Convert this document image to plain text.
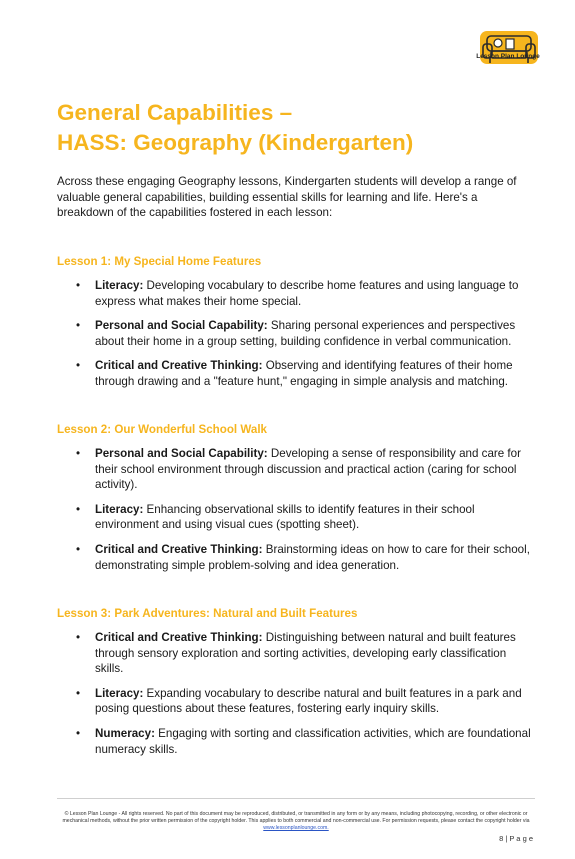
Lesson Plan Lounge
General Capabilities –
HASS: Geography (Kindergarten)
Across these engaging Geography lessons, Kindergarten students will develop a range of valuable general capabilities, building essential skills for learning and life. Here's a breakdown of the capabilities fostered in each lesson:
Lesson 1: My Special Home Features
• Literacy: Developing vocabulary to describe home features and using language to express what makes their home special.
• Personal and Social Capability: Sharing personal experiences and perspectives about their home in a group setting, building confidence in verbal communication.
• Critical and Creative Thinking: Observing and identifying features of their home through drawing and a "feature hunt," engaging in simple analysis and matching.
Lesson 2: Our Wonderful School Walk
• Personal and Social Capability: Developing a sense of responsibility and care for their school environment through discussion and practical action (caring for school activity).
• Literacy: Enhancing observational skills to identify features in their school environment and using visual cues (spotting sheet).
• Critical and Creative Thinking: Brainstorming ideas on how to care for their school, demonstrating simple problem-solving and idea generation.
Lesson 3: Park Adventures: Natural and Built Features
• Critical and Creative Thinking: Distinguishing between natural and built features through sensory exploration and sorting activities, developing early classification skills.
• Literacy: Expanding vocabulary to describe natural and built features in a park and posing questions about these features, fostering early inquiry skills.
• Numeracy: Engaging with sorting and classification activities, which are foundational numeracy skills.
© Lesson Plan Lounge - All rights reserved. No part of this document may be reproduced, distributed, or transmitted in any form or by any means, including photocopying, recording, or other electronic or mechanical methods, without the prior written permission of the copyright holder. This applies to both commercial and non-commercial use. For permission requests, please contact the copyright holder via
www.lessonplanlounge.com.
8 | P a g e
